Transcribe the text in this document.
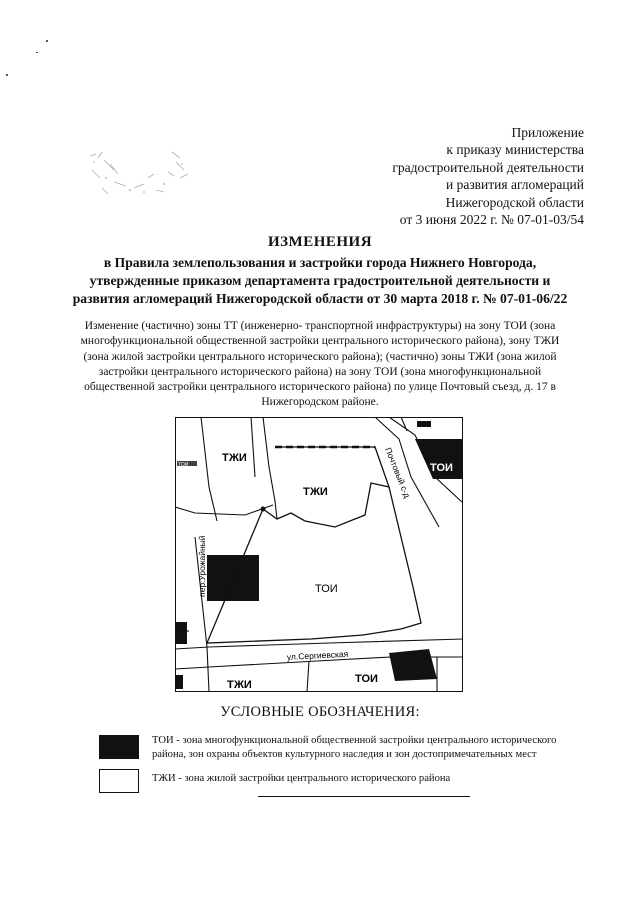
Приложение
к приказу министерства
градостроительной деятельности
и развития агломераций
Нижегородской области
от 3 июня 2022 г. № 07-01-03/54
ИЗМЕНЕНИЯ
в Правила землепользования и застройки города Нижнего Новгорода, утвержденные приказом департамента градостроительной деятельности и развития агломераций Нижегородской области от 30 марта 2018 г. № 07-01-06/22
Изменение (частично) зоны ТТ (инженерно- транспортной инфраструктуры) на зону ТОИ (зона многофункциональной общественной застройки центрального исторического района), зону ТЖИ (зона жилой застройки центрального исторического района); (частично) зоны ТЖИ (зона жилой застройки центрального исторического района) на зону ТОИ (зона многофункциональной общественной застройки центрального исторического района) по улице Почтовый съезд, д. 17 в Нижегородском районе.
ТЖИ
ТЖИ
ТЖИ
ТОИ
ТОИ
ТОИ
ТОИ	Почтовый с-д
пер.Урожайный
ул.Сергиевская
УСЛОВНЫЕ ОБОЗНАЧЕНИЯ:
ТОИ - зона многофункциональной общественной застройки центрального исторического района, зон охраны объектов культурного наследия и зон достопримечательных мест
ТЖИ - зона жилой застройки центрального исторического района
